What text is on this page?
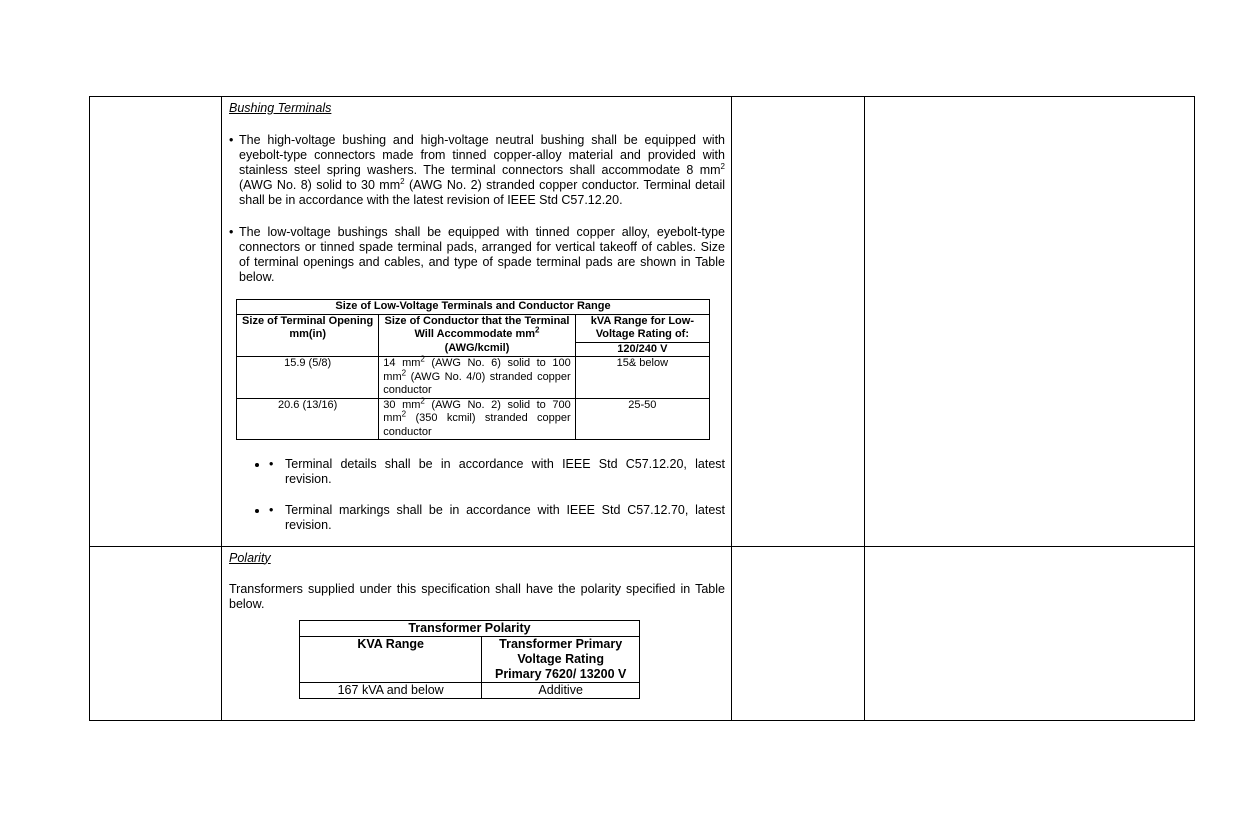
Bushing Terminals

• The high-voltage bushing and high-voltage neutral bushing shall be equipped with eyebolt-type connectors made from tinned copper-alloy material and provided with stainless steel spring washers. The terminal connectors shall accommodate 8 $mm^2$ (AWG No. 8) solid to 30 $mm^2$ (AWG No. 2) stranded copper conductor. Terminal detail shall be in accordance with the latest revision of IEEE Std C57.12.20.
• The low-voltage bushings shall be equipped with tinned copper alloy, eyebolt-type connectors or tinned spade terminal pads, arranged for vertical takeoff of cables. Size of terminal openings and cables, and type of spade terminal pads are shown in Table below.
Size of Low-Voltage Terminals and Conductor Range
Size of Terminal Opening mm(in)	Size of Conductor that the Terminal Will Accommodate $mm^2$ (AWG/kcmil)	kVA Range for Low-Voltage Rating of:
120/240 V
15.9 (5/8)	14 $mm^2$ (AWG No. 6) solid to 100 $mm^2$ (AWG No. 4/0) stranded copper conductor	15& below
20.6 (13/16)	30 $mm^2$ (AWG No. 2) solid to 700 $mm^2$ (350 kcmil) stranded copper conductor	25-50
• • Terminal details shall be in accordance with IEEE Std C57.12.20, latest revision.
• • Terminal markings shall be in accordance with IEEE Std C57.12.70, latest revision.

Polarity

Transformers supplied under this specification shall have the polarity specified in Table below.

Transformer Polarity
KVA Range	Transformer Primary Voltage Rating
Primary 7620/ 13200 V
167 kVA and below	Additive
